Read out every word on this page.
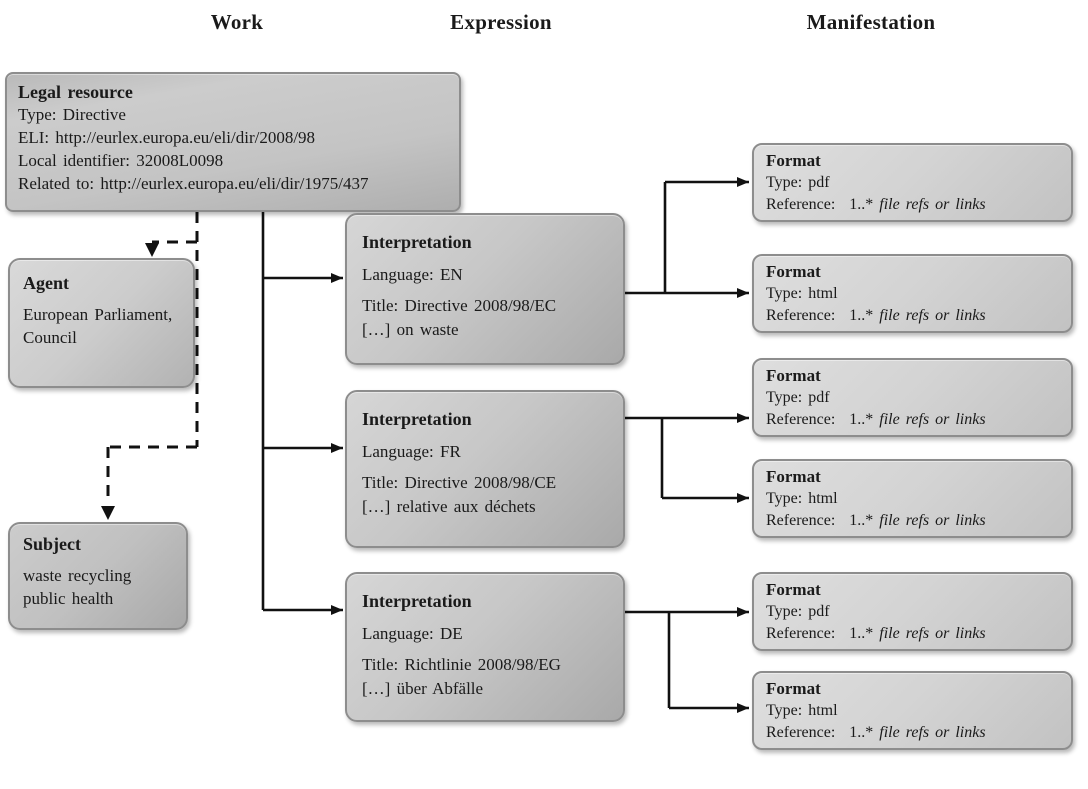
Work	Expression	Manifestation
Legal resource
Type: Directive
ELI: http://eurlex.europa.eu/eli/dir/2008/98
Local identifier: 32008L0098
Related to: http://eurlex.europa.eu/eli/dir/1975/437
Agent
European Parliament,
Council
Subject
waste recycling
public health
Interpretation
Language: EN
Title: Directive 2008/98/EC
[…] on waste
Interpretation
Language: FR
Title: Directive 2008/98/CE
[…] relative aux déchets
Interpretation
Language: DE
Title: Richtlinie 2008/98/EG
[…] über Abfälle
Format
Type: pdf
Reference: 1..* file refs or links
Format
Type: html
Reference: 1..* file refs or links
Format
Type: pdf
Reference: 1..* file refs or links
Format
Type: html
Reference: 1..* file refs or links
Format
Type: pdf
Reference: 1..* file refs or links
Format
Type: html
Reference: 1..* file refs or links
